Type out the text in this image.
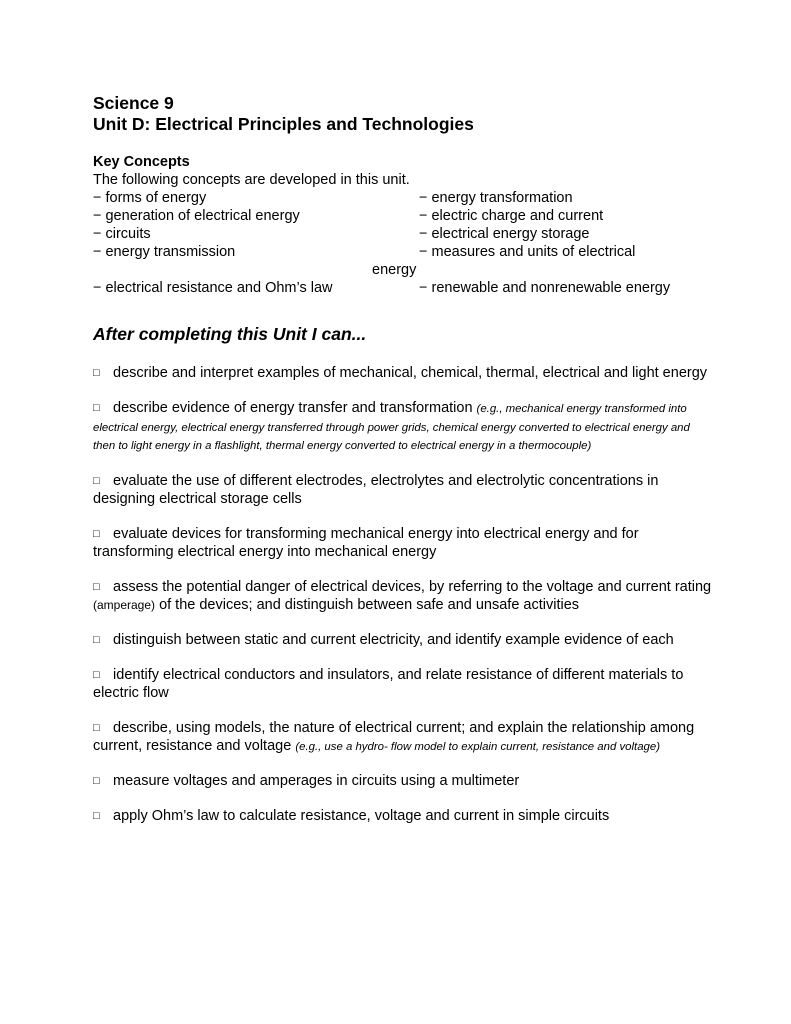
Science 9
Unit D: Electrical Principles and Technologies
Key Concepts
The following concepts are developed in this unit.
− forms of energy	− energy transformation
− generation of electrical energy	− electric charge and current
− circuits	− electrical energy storage
− energy transmission	− measures and units of electrical
energy
− electrical resistance and Ohm’s law	− renewable and nonrenewable energy
After completing this Unit I can...
□ describe and interpret examples of mechanical, chemical, thermal, electrical and light energy
□ describe evidence of energy transfer and transformation (e.g., mechanical energy transformed into electrical energy, electrical energy transferred through power grids, chemical energy converted to electrical energy and then to light energy in a flashlight, thermal energy converted to electrical energy in a thermocouple)
□ evaluate the use of different electrodes, electrolytes and electrolytic concentrations in designing electrical storage cells
□ evaluate devices for transforming mechanical energy into electrical energy and for transforming electrical energy into mechanical energy
□ assess the potential danger of electrical devices, by referring to the voltage and current rating (amperage) of the devices; and distinguish between safe and unsafe activities
□ distinguish between static and current electricity, and identify example evidence of each
□ identify electrical conductors and insulators, and relate resistance of different materials to electric flow
□ describe, using models, the nature of electrical current; and explain the relationship among current, resistance and voltage (e.g., use a hydro- flow model to explain current, resistance and voltage)
□ measure voltages and amperages in circuits using a multimeter
□ apply Ohm’s law to calculate resistance, voltage and current in simple circuits
